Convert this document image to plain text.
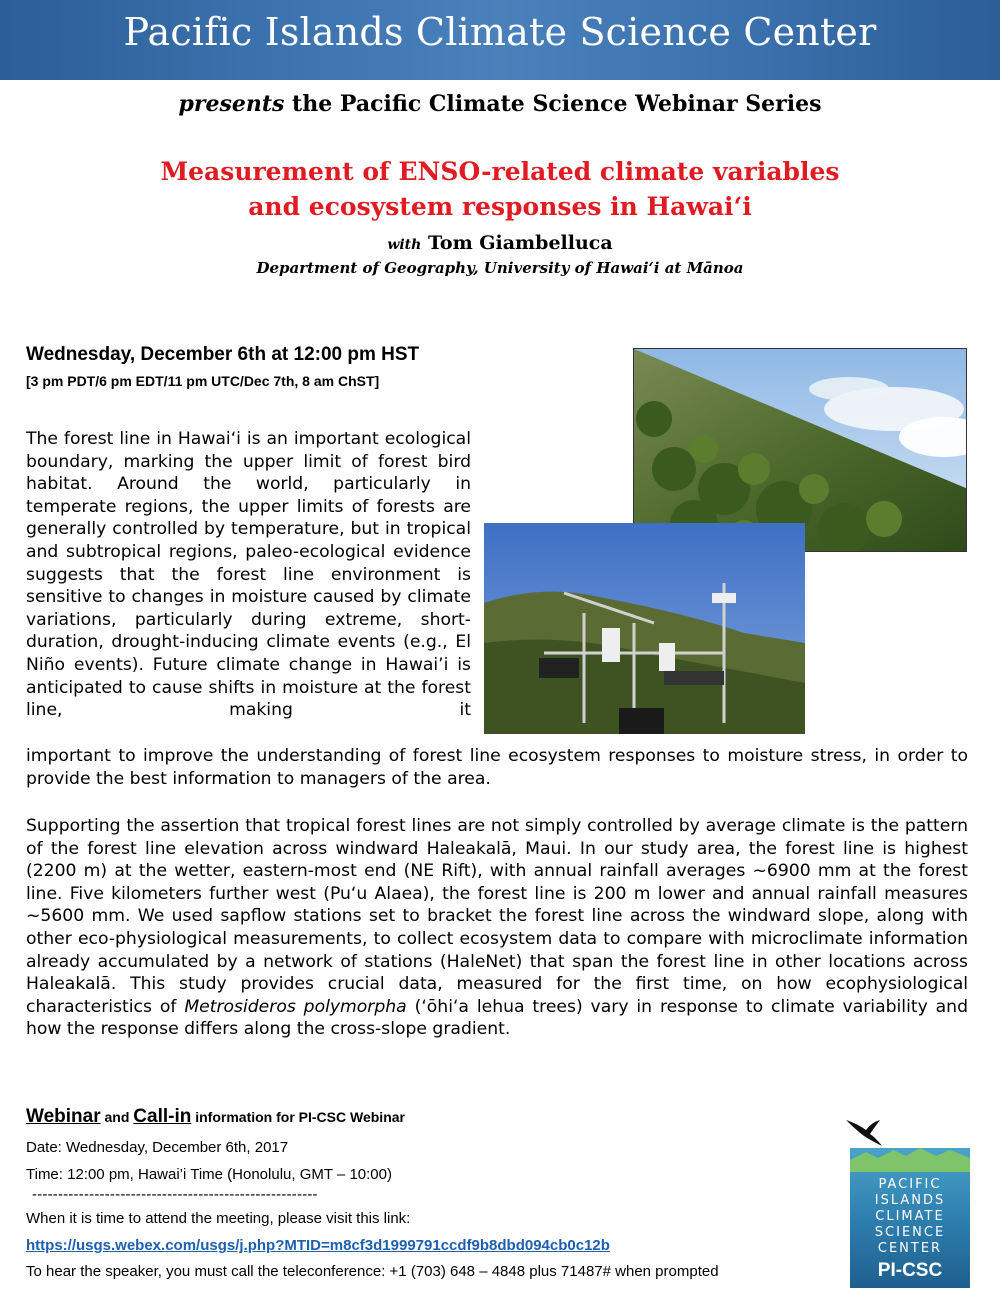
Pacific Islands Climate Science Center
presents the Pacific Climate Science Webinar Series
Measurement of ENSO-related climate variables
and ecosystem responses in Hawai‘i
with Tom Giambelluca
Department of Geography, University of Hawai‘i at Mānoa
Wednesday, December 6th at 12:00 pm HST
[3 pm PDT/6 pm EDT/11 pm UTC/Dec 7th, 8 am ChST]
The forest line in Hawai‘i is an important ecological boundary, marking the upper limit of forest bird habitat. Around the world, particularly in temperate regions, the upper limits of forests are generally controlled by temperature, but in tropical and subtropical regions, paleo-ecological evidence suggests that the forest line environment is sensitive to changes in moisture caused by climate variations, particularly during extreme, short-duration, drought-inducing climate events (e.g., El Niño events). Future climate change in Hawai’i is anticipated to cause shifts in moisture at the forest line, making it
important to improve the understanding of forest line ecosystem responses to moisture stress, in order to provide the best information to managers of the area.
Supporting the assertion that tropical forest lines are not simply controlled by average climate is the pattern of the forest line elevation across windward Haleakalā, Maui. In our study area, the forest line is highest (2200 m) at the wetter, eastern-most end (NE Rift), with annual rainfall averages ~6900 mm at the forest line. Five kilometers further west (Pu‘u Alaea), the forest line is 200 m lower and annual rainfall measures ~5600 mm. We used sapflow stations set to bracket the forest line across the windward slope, along with other eco-physiological measurements, to collect ecosystem data to compare with microclimate information already accumulated by a network of stations (HaleNet) that span the forest line in other locations across Haleakalā. This study provides crucial data, measured for the first time, on how ecophysiological characteristics of Metrosideros polymorpha (‘ōhi‘a lehua trees) vary in response to climate variability and how the response differs along the cross-slope gradient.
Webinar and Call-in information for PI-CSC Webinar
Date: Wednesday, December 6th, 2017
Time: 12:00 pm, Hawai’i Time (Honolulu, GMT – 10:00)
-------------------------------------------------------
When it is time to attend the meeting, please visit this link:
https://usgs.webex.com/usgs/j.php?MTID=m8cf3d1999791ccdf9b8dbd094cb0c12b
To hear the speaker, you must call the teleconference: +1 (703) 648 – 4848 plus 71487# when prompted
PACIFIC
ISLANDS
CLIMATE
SCIENCE
CENTER
PI-CSC
